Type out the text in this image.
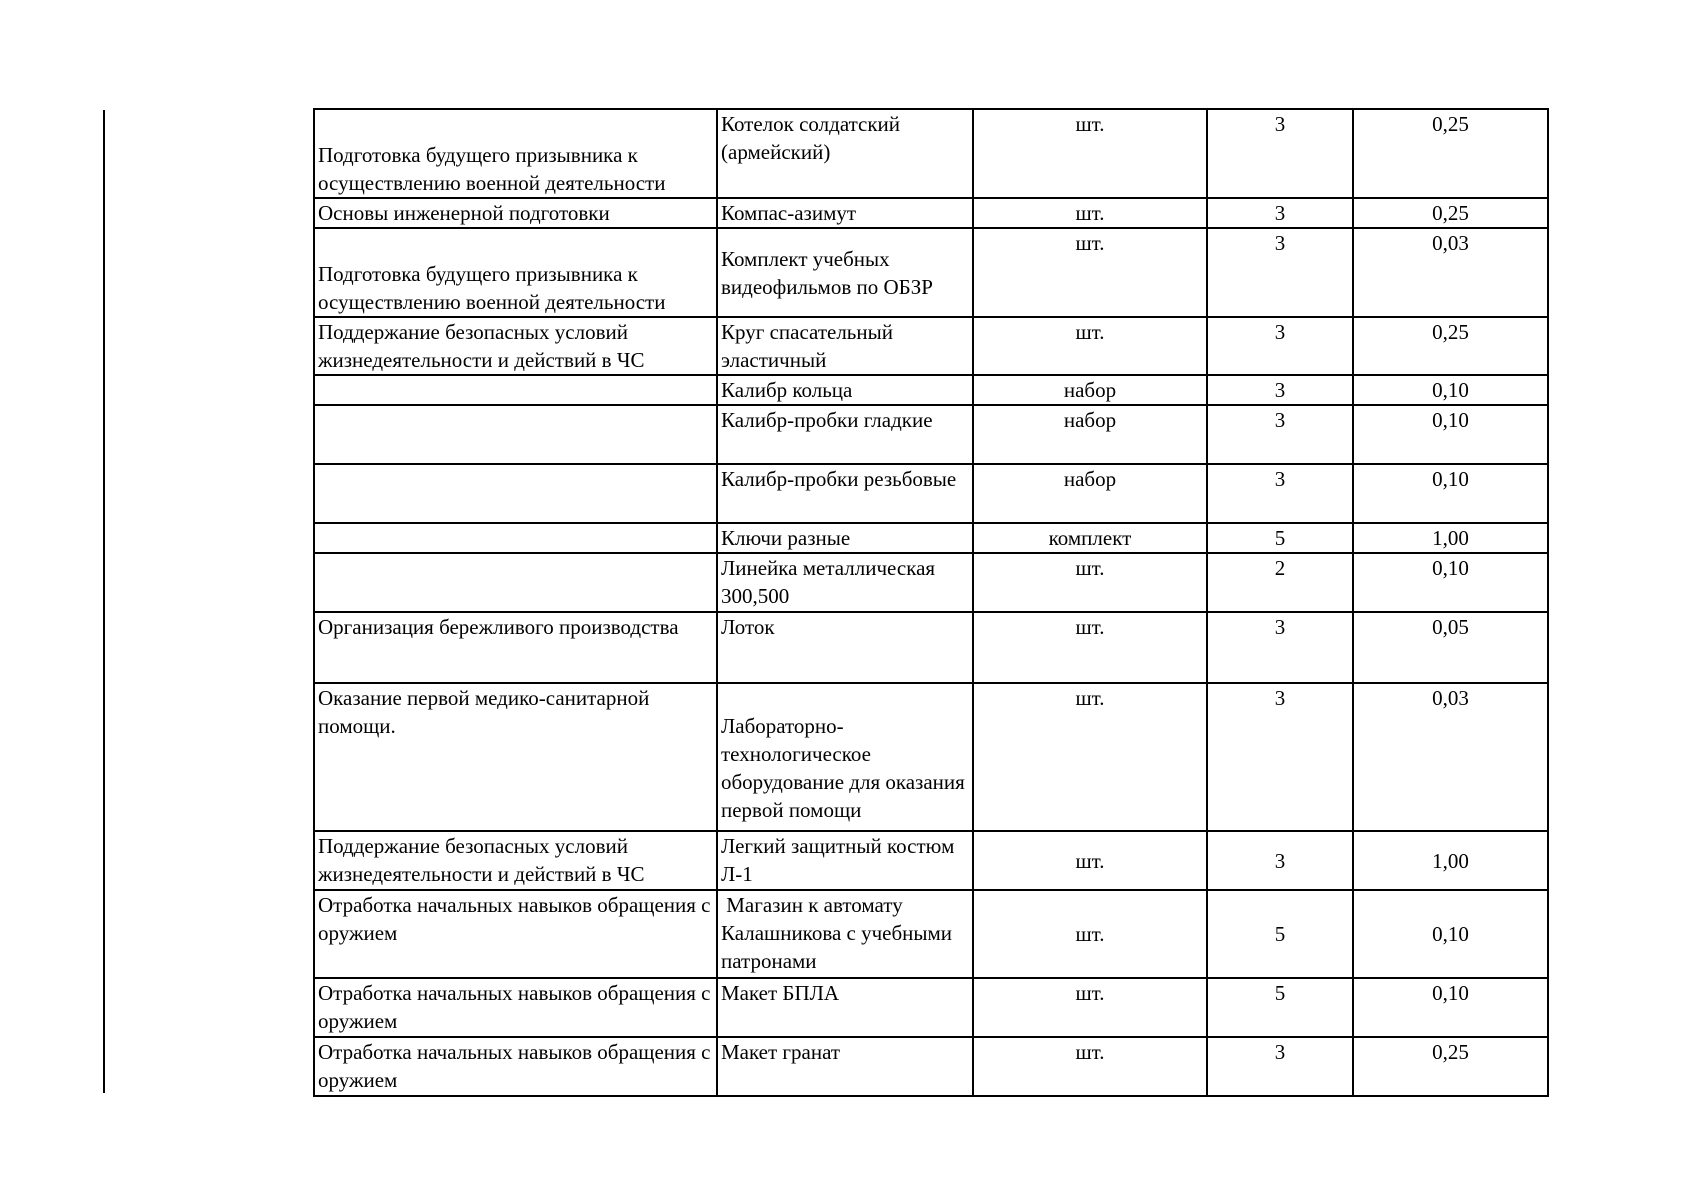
Подготовка будущего призывника к осуществлению военной деятельности	Котелок солдатский (армейский)	шт.	3	0,25
Основы инженерной подготовки	Компас-азимут	шт.	3	0,25
Подготовка будущего призывника к осуществлению военной деятельности	Комплект учебных видеофильмов по ОБЗР	шт.	3	0,03
Поддержание безопасных условий жизнедеятельности и действий в ЧС	Круг спасательный эластичный	шт.	3	0,25
	Калибр кольца	набор	3	0,10
	Калибр-пробки гладкие	набор	3	0,10
	Калибр-пробки резьбовые	набор	3	0,10
	Ключи разные	комплект	5	1,00
	Линейка металлическая 300,500	шт.	2	0,10
Организация бережливого производства	Лоток	шт.	3	0,05
Оказание первой медико-санитарной помощи.	Лабораторно-технологическое оборудование для оказания первой помощи	шт.	3	0,03
Поддержание безопасных условий жизнедеятельности и действий в ЧС	Легкий защитный костюм Л-1	шт.	3	1,00
Отработка начальных навыков обращения с оружием	Магазин к автомату Калашникова с учебными патронами	шт.	5	0,10
Отработка начальных навыков обращения с оружием	Макет БПЛА	шт.	5	0,10
Отработка начальных навыков обращения с оружием	Макет гранат	шт.	3	0,25
